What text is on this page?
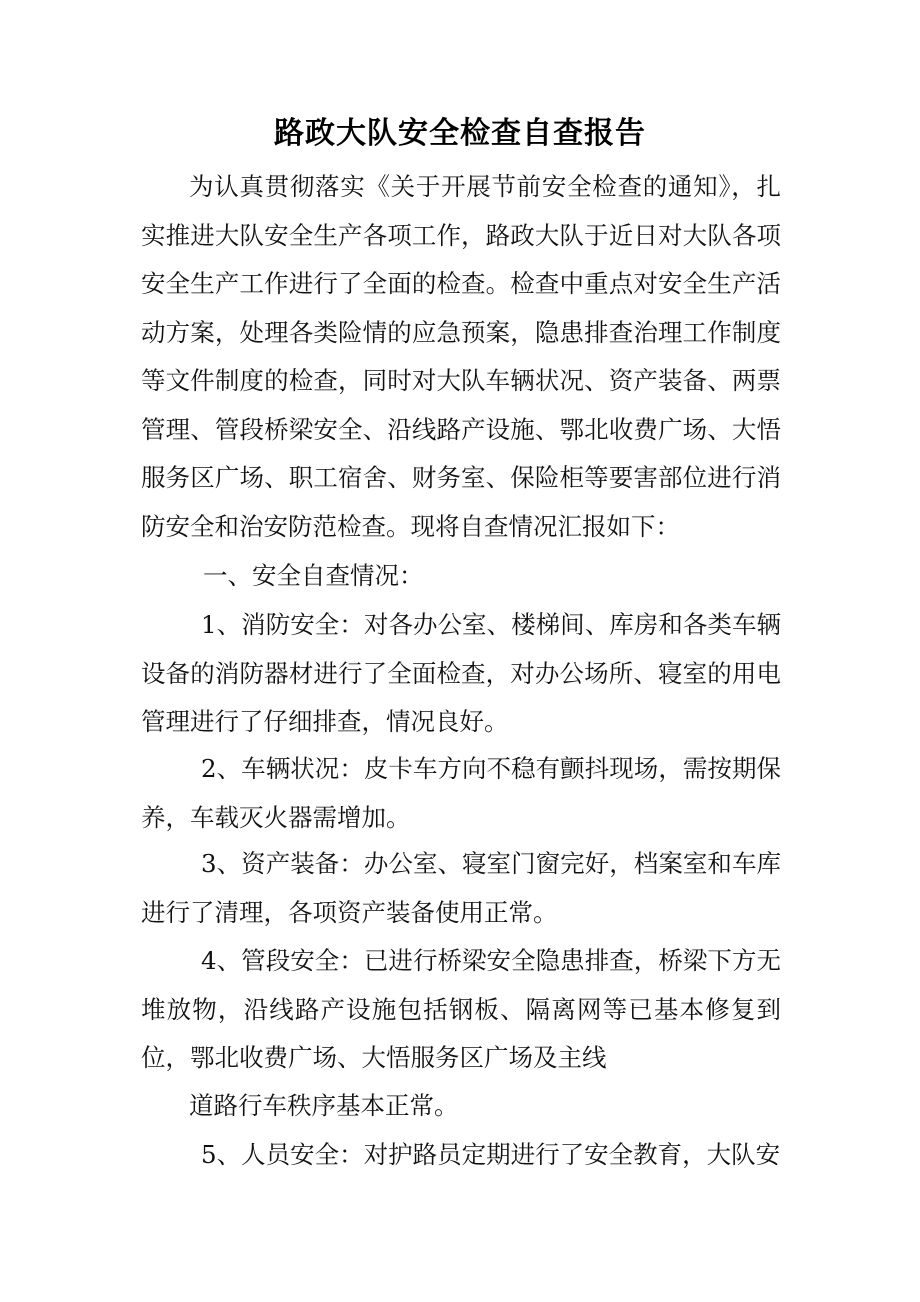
路政大队安全检查自查报告

为认真贯彻落实《关于开展节前安全检查的通知》，扎实推进大队安全生产各项工作，路政大队于近日对大队各项安全生产工作进行了全面的检查。检查中重点对安全生产活动方案，处理各类险情的应急预案，隐患排查治理工作制度等文件制度的检查，同时对大队车辆状况、资产装备、两票管理、管段桥梁安全、沿线路产设施、鄂北收费广场、大悟服务区广场、职工宿舍、财务室、保险柜等要害部位进行消防安全和治安防范检查。现将自查情况汇报如下：

一、安全自查情况：

1、消防安全：对各办公室、楼梯间、库房和各类车辆设备的消防器材进行了全面检查，对办公场所、寝室的用电管理进行了仔细排查，情况良好。

2、车辆状况：皮卡车方向不稳有颤抖现场，需按期保养，车载灭火器需增加。

3、资产装备：办公室、寝室门窗完好，档案室和车库进行了清理，各项资产装备使用正常。

4、管段安全：已进行桥梁安全隐患排查，桥梁下方无堆放物，沿线路产设施包括钢板、隔离网等已基本修复到位，鄂北收费广场、大悟服务区广场及主线

道路行车秩序基本正常。

5、人员安全：对护路员定期进行了安全教育，大队安
